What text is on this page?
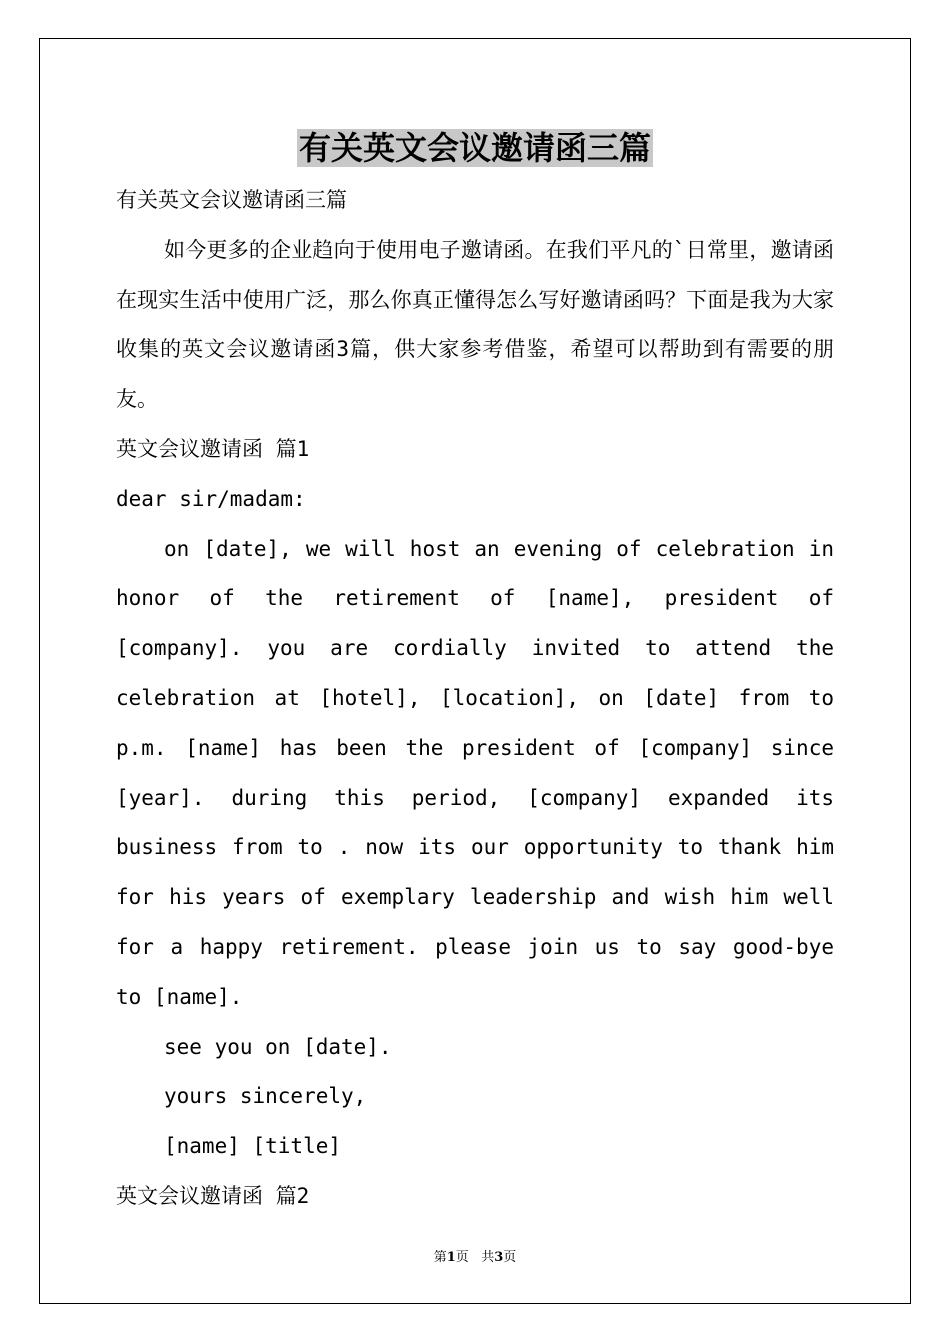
有关英文会议邀请函三篇

有关英文会议邀请函三篇

如今更多的企业趋向于使用电子邀请函。在我们平凡的`日常里，邀请函在现实生活中使用广泛，那么你真正懂得怎么写好邀请函吗？下面是我为大家收集的英文会议邀请函3篇，供大家参考借鉴，希望可以帮助到有需要的朋友。

英文会议邀请函 篇1

dear sir/madam:

on [date], we will host an evening of celebration in honor of the retirement of [name], president of [company]. you are cordially invited to attend the celebration at [hotel], [location], on [date] from to p.m. [name] has been the president of [company] since [year]. during this period, [company] expanded its business from to . now its our opportunity to thank him for his years of exemplary leadership and wish him well for a happy retirement. please join us to say good-bye to [name].

see you on [date].

yours sincerely,

[name] [title]

英文会议邀请函 篇2

第1页 共3页
